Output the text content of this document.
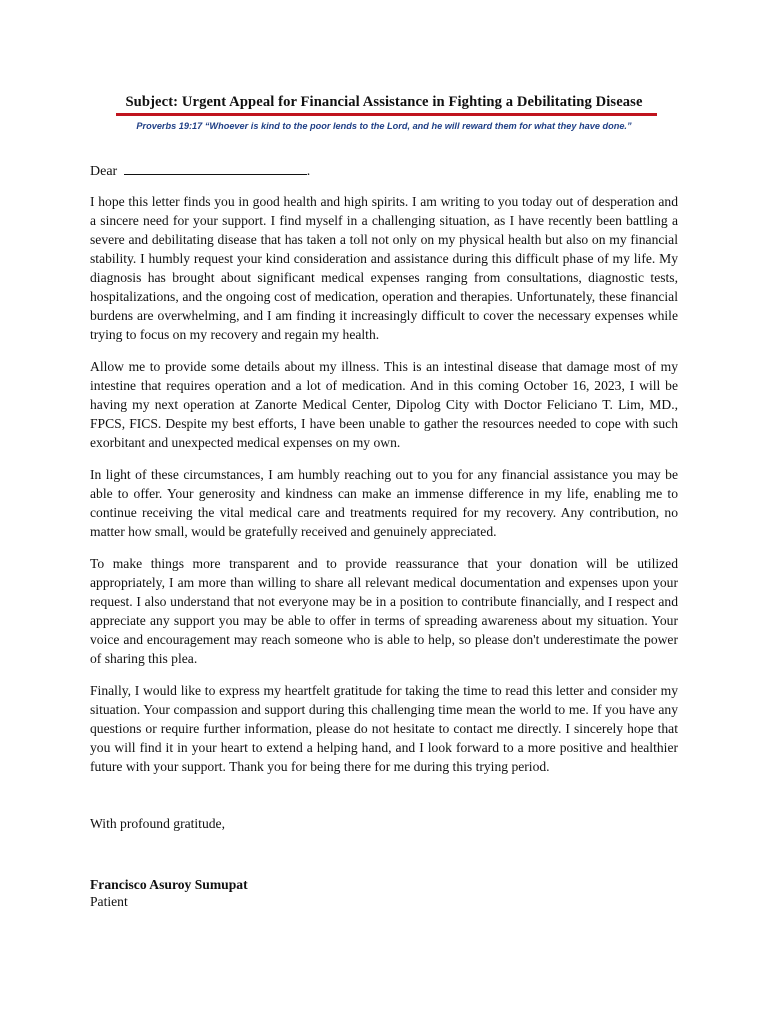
Subject: Urgent Appeal for Financial Assistance in Fighting a Debilitating Disease
Proverbs 19:17 “Whoever is kind to the poor lends to the Lord, and he will reward them for what they have done.”
Dear	.

I hope this letter finds you in good health and high spirits. I am writing to you today out of desperation and a sincere need for your support. I find myself in a challenging situation, as I have recently been battling a severe and debilitating disease that has taken a toll not only on my physical health but also on my financial stability. I humbly request your kind consideration and assistance during this difficult phase of my life. My diagnosis has brought about significant medical expenses ranging from consultations, diagnostic tests, hospitalizations, and the ongoing cost of medication, operation and therapies. Unfortunately, these financial burdens are overwhelming, and I am finding it increasingly difficult to cover the necessary expenses while trying to focus on my recovery and regain my health.

Allow me to provide some details about my illness. This is an intestinal disease that damage most of my intestine that requires operation and a lot of medication. And in this coming October 16, 2023, I will be having my next operation at Zanorte Medical Center, Dipolog City with Doctor Feliciano T. Lim, MD., FPCS, FICS. Despite my best efforts, I have been unable to gather the resources needed to cope with such exorbitant and unexpected medical expenses on my own.

In light of these circumstances, I am humbly reaching out to you for any financial assistance you may be able to offer. Your generosity and kindness can make an immense difference in my life, enabling me to continue receiving the vital medical care and treatments required for my recovery. Any contribution, no matter how small, would be gratefully received and genuinely appreciated.

To make things more transparent and to provide reassurance that your donation will be utilized appropriately, I am more than willing to share all relevant medical documentation and expenses upon your request. I also understand that not everyone may be in a position to contribute financially, and I respect and appreciate any support you may be able to offer in terms of spreading awareness about my situation. Your voice and encouragement may reach someone who is able to help, so please don't underestimate the power of sharing this plea.

Finally, I would like to express my heartfelt gratitude for taking the time to read this letter and consider my situation. Your compassion and support during this challenging time mean the world to me. If you have any questions or require further information, please do not hesitate to contact me directly. I sincerely hope that you will find it in your heart to extend a helping hand, and I look forward to a more positive and healthier future with your support. Thank you for being there for me during this trying period.

With profound gratitude,
Francisco Asuroy Sumupat
Patient
